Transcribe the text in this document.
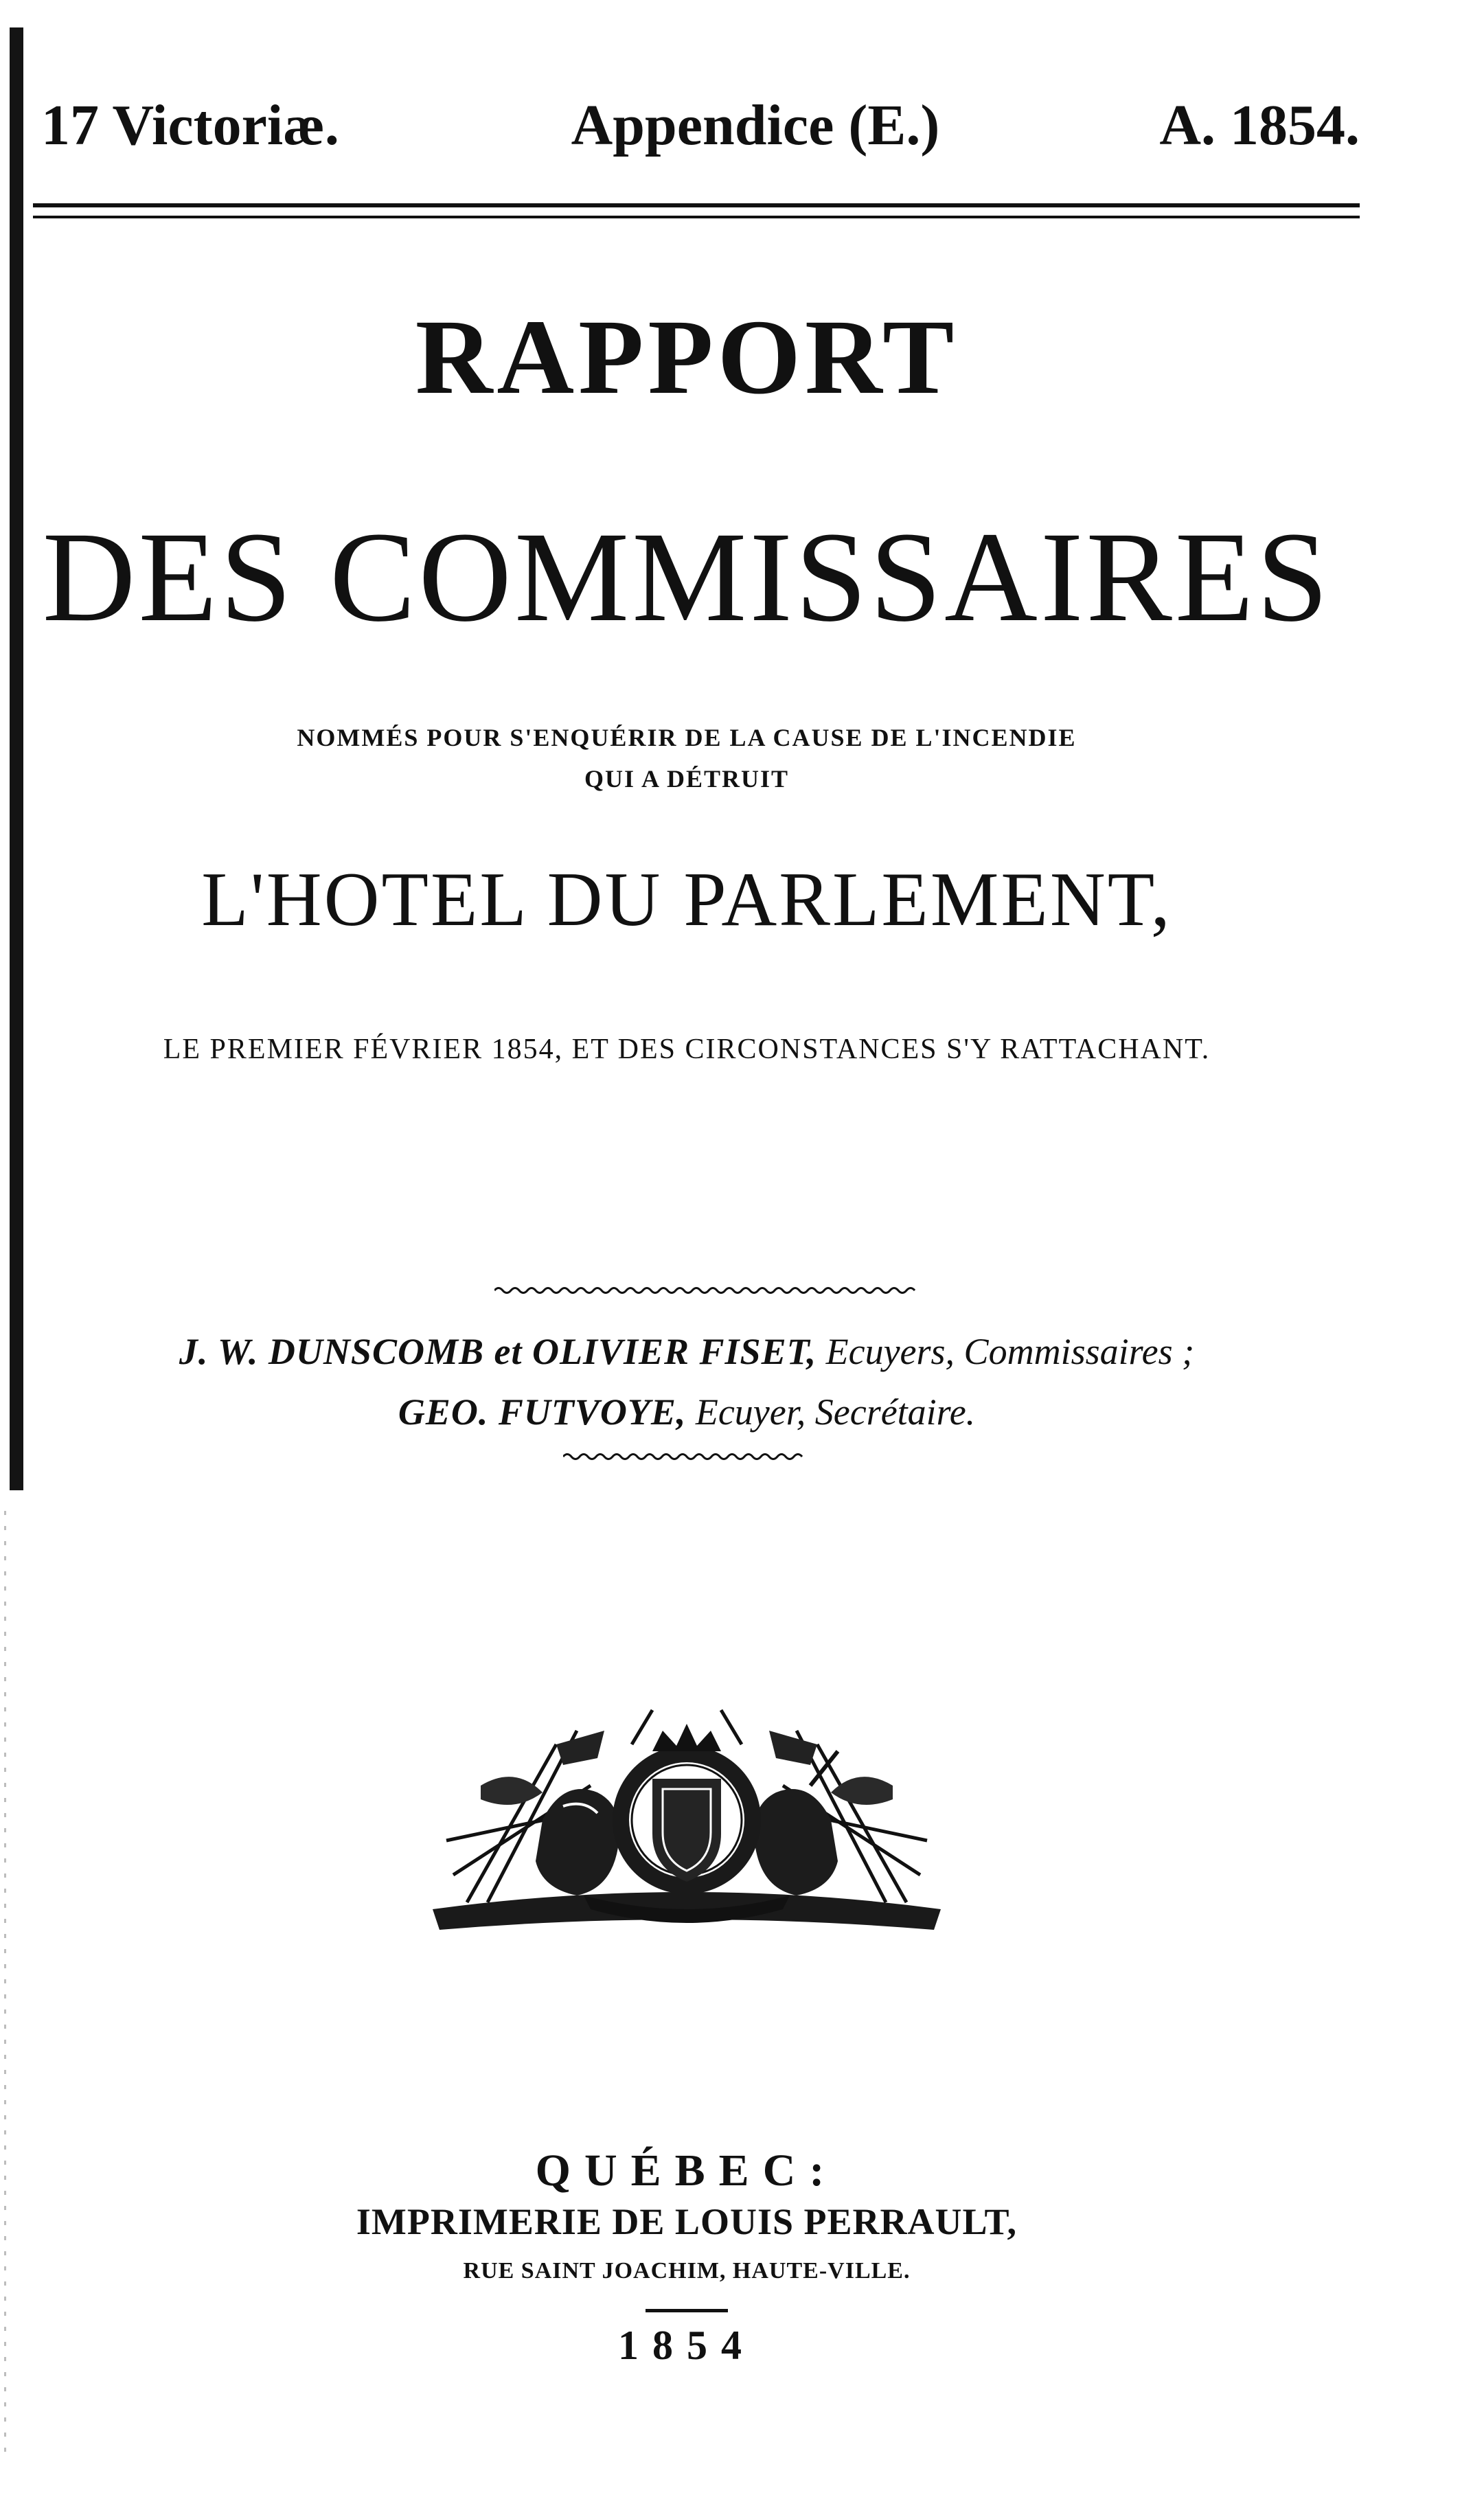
17 Victoriæ.	Appendice (E.)	A. 1854.
RAPPORT
DES COMMISSAIRES
NOMMÉS POUR S'ENQUÉRIR DE LA CAUSE DE L'INCENDIE
QUI A DÉTRUIT
L'HOTEL DU PARLEMENT,
LE PREMIER FÉVRIER 1854, ET DES CIRCONSTANCES S'Y RATTACHANT.
J. W. DUNSCOMB et OLIVIER FISET, Ecuyers, Commissaires ;
GEO. FUTVOYE, Ecuyer, Secrétaire.
QUÉBEC:
IMPRIMERIE DE LOUIS PERRAULT,
RUE SAINT JOACHIM, HAUTE-VILLE.
1854
